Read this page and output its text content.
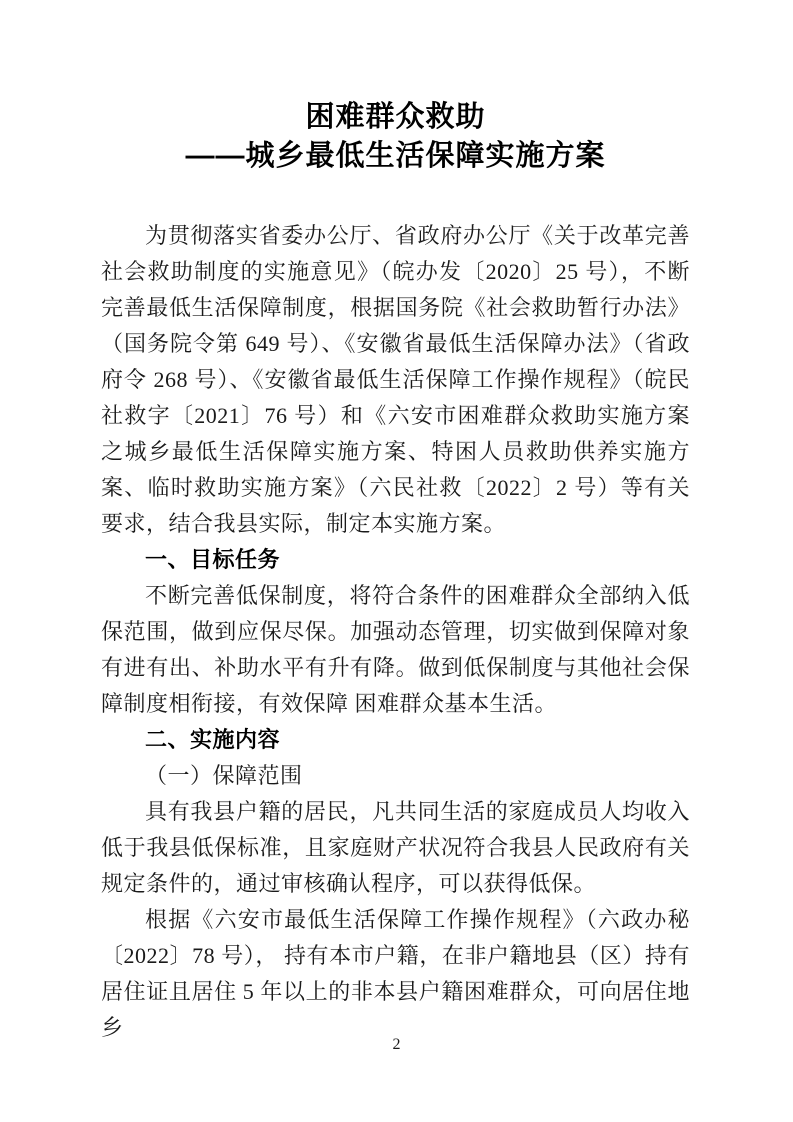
困难群众救助
——城乡最低生活保障实施方案

为贯彻落实省委办公厅、省政府办公厅《关于改革完善社会救助制度的实施意见》（皖办发〔2020〕25 号），不断完善最低生活保障制度，根据国务院《社会救助暂行办法》（国务院令第 649 号）、《安徽省最低生活保障办法》（省政府令 268 号）、《安徽省最低生活保障工作操作规程》（皖民社救字〔2021〕76 号）和《六安市困难群众救助实施方案之城乡最低生活保障实施方案、特困人员救助供养实施方案、临时救助实施方案》（六民社救〔2022〕2 号）等有关要求，结合我县实际，制定本实施方案。

一、目标任务

不断完善低保制度，将符合条件的困难群众全部纳入低保范围，做到应保尽保。加强动态管理，切实做到保障对象有进有出、补助水平有升有降。做到低保制度与其他社会保障制度相衔接，有效保障 困难群众基本生活。

二、实施内容

（一）保障范围

具有我县户籍的居民，凡共同生活的家庭成员人均收入低于我县低保标准，且家庭财产状况符合我县人民政府有关规定条件的，通过审核确认程序，可以获得低保。

根据《六安市最低生活保障工作操作规程》（六政办秘〔2022〕78 号）， 持有本市户籍，在非户籍地县（区）持有居住证且居住 5 年以上的非本县户籍困难群众，可向居住地乡

2
